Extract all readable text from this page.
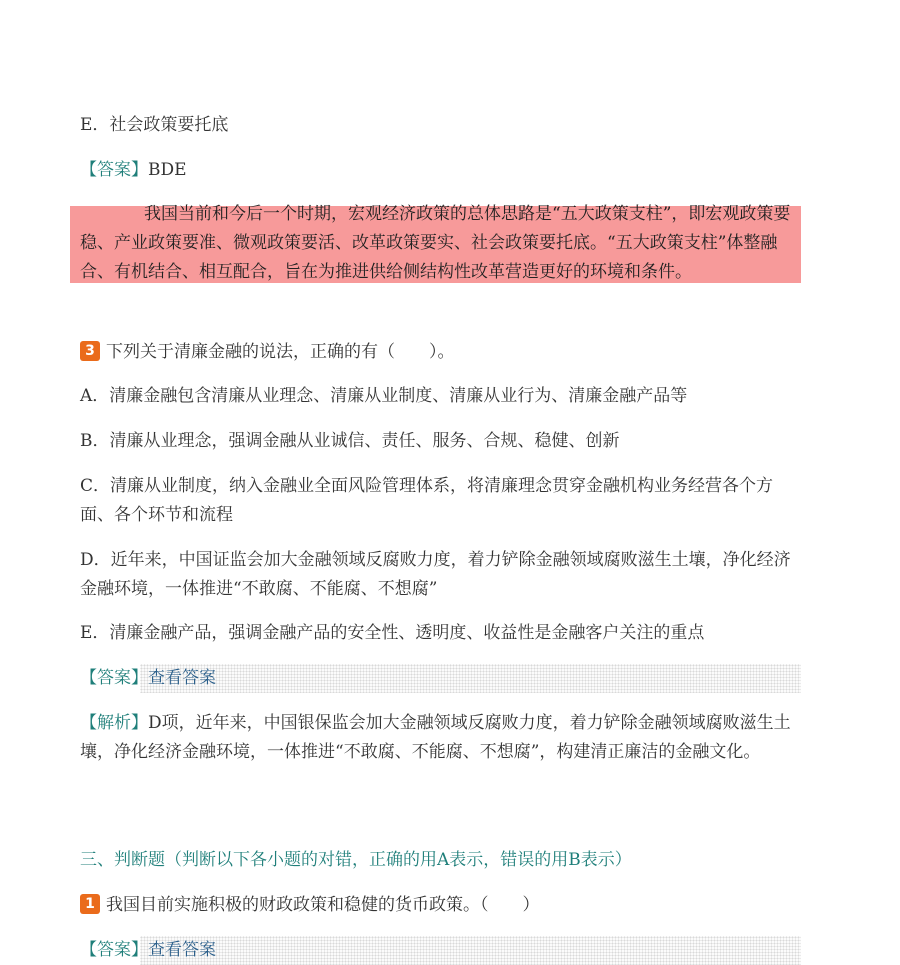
E．社会政策要托底
【答案】BDE
我国当前和今后一个时期，宏观经济政策的总体思路是“五大政策支柱”，即宏观政策要稳、产业政策要准、微观政策要活、改革政策要实、社会政策要托底。“五大政策支柱”体整融合、有机结合、相互配合，旨在为推进供给侧结构性改革营造更好的环境和条件。
3 下列关于清廉金融的说法，正确的有（　　）。
A．清廉金融包含清廉从业理念、清廉从业制度、清廉从业行为、清廉金融产品等
B．清廉从业理念，强调金融从业诚信、责任、服务、合规、稳健、创新
C．清廉从业制度，纳入金融业全面风险管理体系，将清廉理念贯穿金融机构业务经营各个方面、各个环节和流程
D．近年来，中国证监会加大金融领域反腐败力度，着力铲除金融领域腐败滋生土壤，净化经济金融环境，一体推进“不敢腐、不能腐、不想腐”
E．清廉金融产品，强调金融产品的安全性、透明度、收益性是金融客户关注的重点
【答案】查看答案
【解析】D项，近年来，中国银保监会加大金融领域反腐败力度，着力铲除金融领域腐败滋生土壤，净化经济金融环境，一体推进“不敢腐、不能腐、不想腐”，构建清正廉洁的金融文化。
三、判断题（判断以下各小题的对错，正确的用A表示，错误的用B表示）
1 我国目前实施积极的财政政策和稳健的货币政策。（　　）
【答案】查看答案
